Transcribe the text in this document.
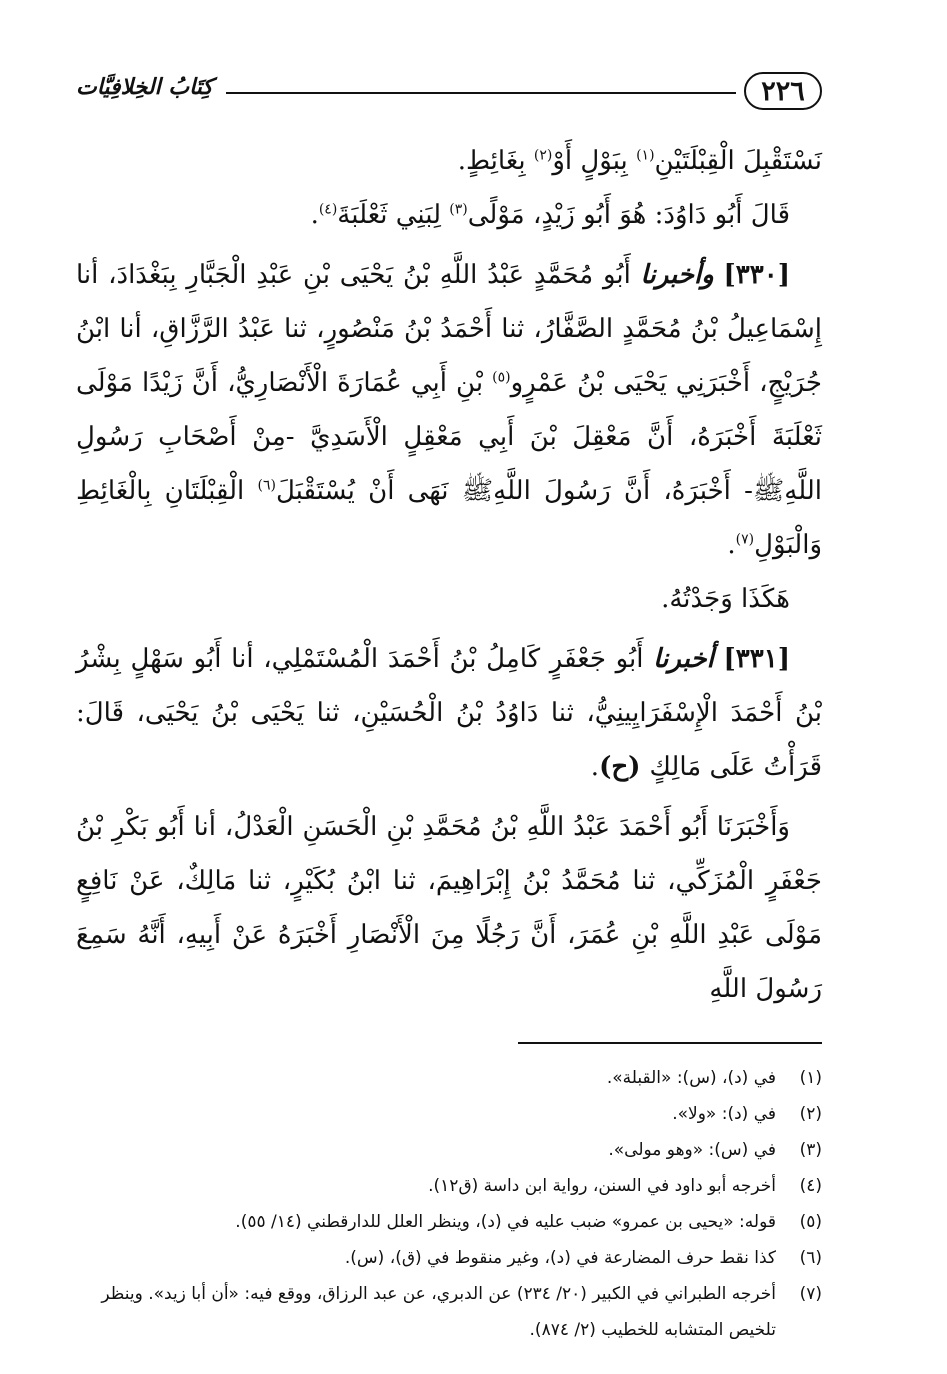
٢٢٦
كِتَابُ الخِلافِيَّات

نَسْتَقْبِلَ الْقِبْلَتَيْنِ$^{(١)}$ بِبَوْلٍ أَوْ$^{(٢)}$ بِغَائِطٍ.

قَالَ أَبُو دَاوُدَ: هُوَ أَبُو زَيْدٍ، مَوْلًى$^{(٣)}$ لِبَنِي ثَعْلَبَةَ$^{(٤)}$.

[٣٣٠] وأخبرنا أَبُو مُحَمَّدٍ عَبْدُ اللَّهِ بْنُ يَحْيَى بْنِ عَبْدِ الْجَبَّارِ بِبَغْدَادَ، أنا إِسْمَاعِيلُ بْنُ مُحَمَّدٍ الصَّفَّارُ، ثنا أَحْمَدُ بْنُ مَنْصُورٍ، ثنا عَبْدُ الرَّزَّاقِ، أنا ابْنُ جُرَيْجٍ، أَخْبَرَنِي يَحْيَى بْنُ عَمْرٍو$^{(٥)}$ بْنِ أَبِي عُمَارَةَ الْأَنْصَارِيُّ، أَنَّ زَيْدًا مَوْلَى ثَعْلَبَةَ أَخْبَرَهُ، أَنَّ مَعْقِلَ بْنَ أَبِي مَعْقِلٍ الْأَسَدِيَّ -مِنْ أَصْحَابِ رَسُولِ اللَّهِﷺ- أَخْبَرَهُ، أَنَّ رَسُولَ اللَّهِﷺ نَهَى أَنْ يُسْتَقْبَلَ$^{(٦)}$ الْقِبْلَتَانِ بِالْغَائِطِ وَالْبَوْلِ$^{(٧)}$.

هَكَذَا وَجَدْتُهُ.

[٣٣١] أخبرنا أَبُو جَعْفَرٍ كَامِلُ بْنُ أَحْمَدَ الْمُسْتَمْلِي، أنا أَبُو سَهْلٍ بِشْرُ بْنُ أَحْمَدَ الْإِسْفَرَايِينِيُّ، ثنا دَاوُدُ بْنُ الْحُسَيْنِ، ثنا يَحْيَى بْنُ يَحْيَى، قَالَ: قَرَأْتُ عَلَى مَالِكٍ (ح).

وَأَخْبَرَنَا أَبُو أَحْمَدَ عَبْدُ اللَّهِ بْنُ مُحَمَّدِ بْنِ الْحَسَنِ الْعَدْلُ، أنا أَبُو بَكْرِ بْنُ جَعْفَرٍ الْمُزَكِّي، ثنا مُحَمَّدُ بْنُ إِبْرَاهِيمَ، ثنا ابْنُ بُكَيْرٍ، ثنا مَالِكٌ، عَنْ نَافِعٍ مَوْلَى عَبْدِ اللَّهِ بْنِ عُمَرَ، أَنَّ رَجُلًا مِنَ الْأَنْصَارِ أَخْبَرَهُ عَنْ أَبِيهِ، أَنَّهُ سَمِعَ رَسُولَ اللَّهِ

(١)
في (د)، (س): «القبلة».
(٢)
في (د): «ولا».
(٣)
في (س): «وهو مولى».
(٤)
أخرجه أبو داود في السنن، رواية ابن داسة (ق١٢).
(٥)
قوله: «يحيى بن عمرو» ضبب عليه في (د)، وينظر العلل للدارقطني (١٤/ ٥٥).
(٦)
كذا نقط حرف المضارعة في (د)، وغير منقوط في (ق)، (س).
(٧)
أخرجه الطبراني في الكبير (٢٠/ ٢٣٤) عن الدبري، عن عبد الرزاق، ووقع فيه: «أن أبا زيد». وينظر تلخيص المتشابه للخطيب (٢/ ٨٧٤).
